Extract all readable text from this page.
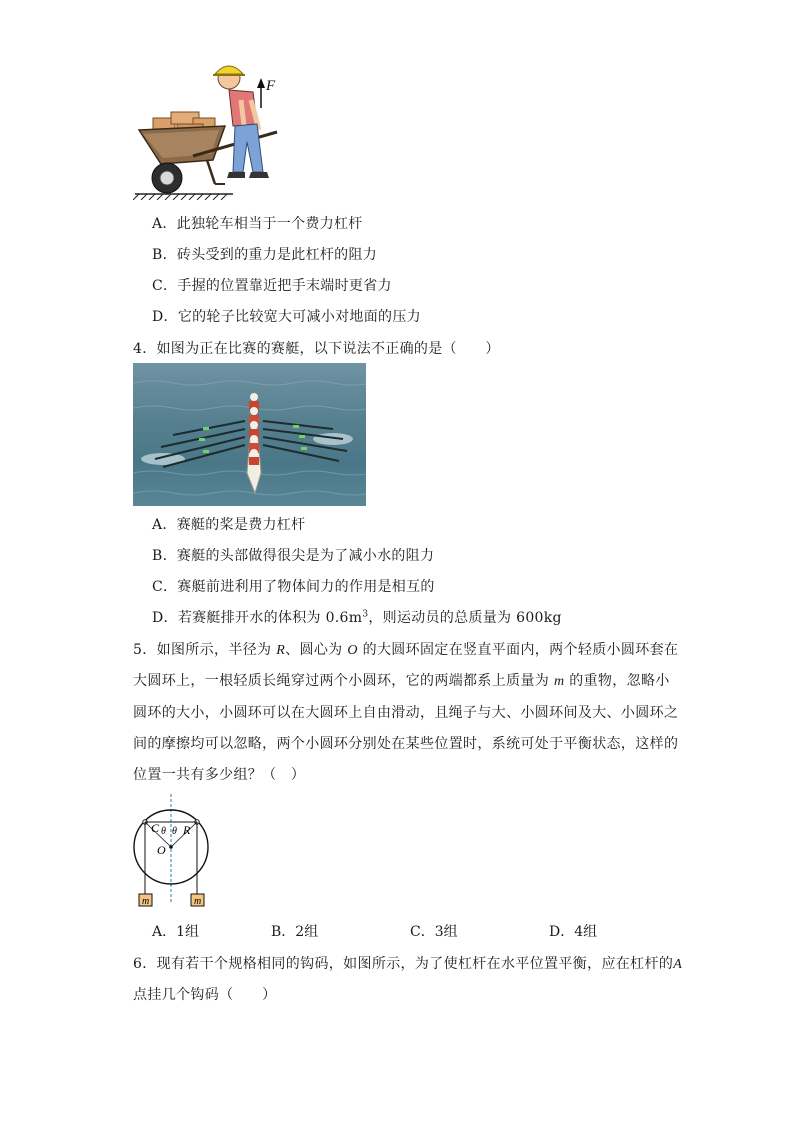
F
A．此独轮车相当于一个费力杠杆
B．砖头受到的重力是此杠杆的阻力
C．手握的位置靠近把手末端时更省力
D．它的轮子比较宽大可减小对地面的压力
4．如图为正在比赛的赛艇，以下说法不正确的是（　　）
A．赛艇的桨是费力杠杆
B．赛艇的头部做得很尖是为了减小水的阻力
C．赛艇前进利用了物体间力的作用是相互的
D．若赛艇排开水的体积为 $0.6m^3$，则运动员的总质量为 600kg
5．如图所示，半径为 R、圆心为 O 的大圆环固定在竖直平面内，两个轻质小圆环套在
大圆环上，一根轻质长绳穿过两个小圆环，它的两端都系上质量为 m 的重物，忽略小
圆环的大小，小圆环可以在大圆环上自由滑动，且绳子与大、小圆环间及大、小圆环之
间的摩擦均可以忽略，两个小圆环分别处在某些位置时，系统可处于平衡状态，这样的
位置一共有多少组？（　）
C θ θ R
O
m	m
A．1组	B．2组	C．3组	D．4组
6．现有若干个规格相同的钩码，如图所示，为了使杠杆在水平位置平衡，应在杠杆的A
点挂几个钩码（　　）
